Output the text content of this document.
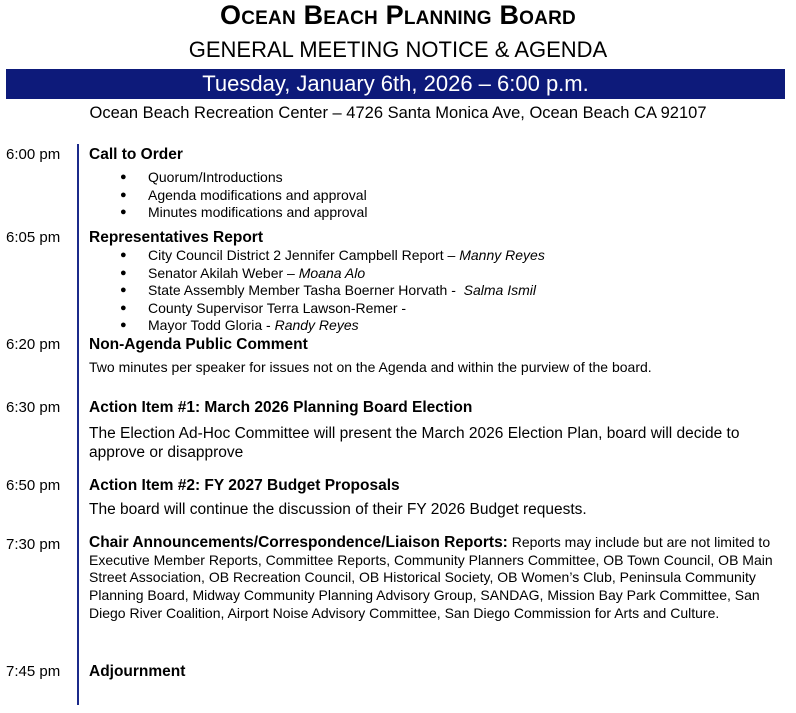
Ocean Beach Planning Board
GENERAL MEETING NOTICE & AGENDA
Tuesday, January 6th, 2026 – 6:00 p.m.
Ocean Beach Recreation Center – 4726 Santa Monica Ave, Ocean Beach CA 92107
6:00 pm Call to Order
● Quorum/Introductions
● Agenda modifications and approval
● Minutes modifications and approval
6:05 pm Representatives Report
● City Council District 2 Jennifer Campbell Report – Manny Reyes
● Senator Akilah Weber – Moana Alo
● State Assembly Member Tasha Boerner Horvath -  Salma Ismil
● County Supervisor Terra Lawson-Remer -
● Mayor Todd Gloria - Randy Reyes
6:20 pm Non-Agenda Public Comment
Two minutes per speaker for issues not on the Agenda and within the purview of the board.
6:30 pm Action Item #1: March 2026 Planning Board Election
The Election Ad-Hoc Committee will present the March 2026 Election Plan, board will decide to approve or disapprove
6:50 pm Action Item #2: FY 2027 Budget Proposals
The board will continue the discussion of their FY 2026 Budget requests.
7:30 pm Chair Announcements/Correspondence/Liaison Reports: Reports may include but are not limited to Executive Member Reports, Committee Reports, Community Planners Committee, OB Town Council, OB Main Street Association, OB Recreation Council, OB Historical Society, OB Women’s Club, Peninsula Community Planning Board, Midway Community Planning Advisory Group, SANDAG, Mission Bay Park Committee, San Diego River Coalition, Airport Noise Advisory Committee, San Diego Commission for Arts and Culture.
7:45 pm Adjournment
